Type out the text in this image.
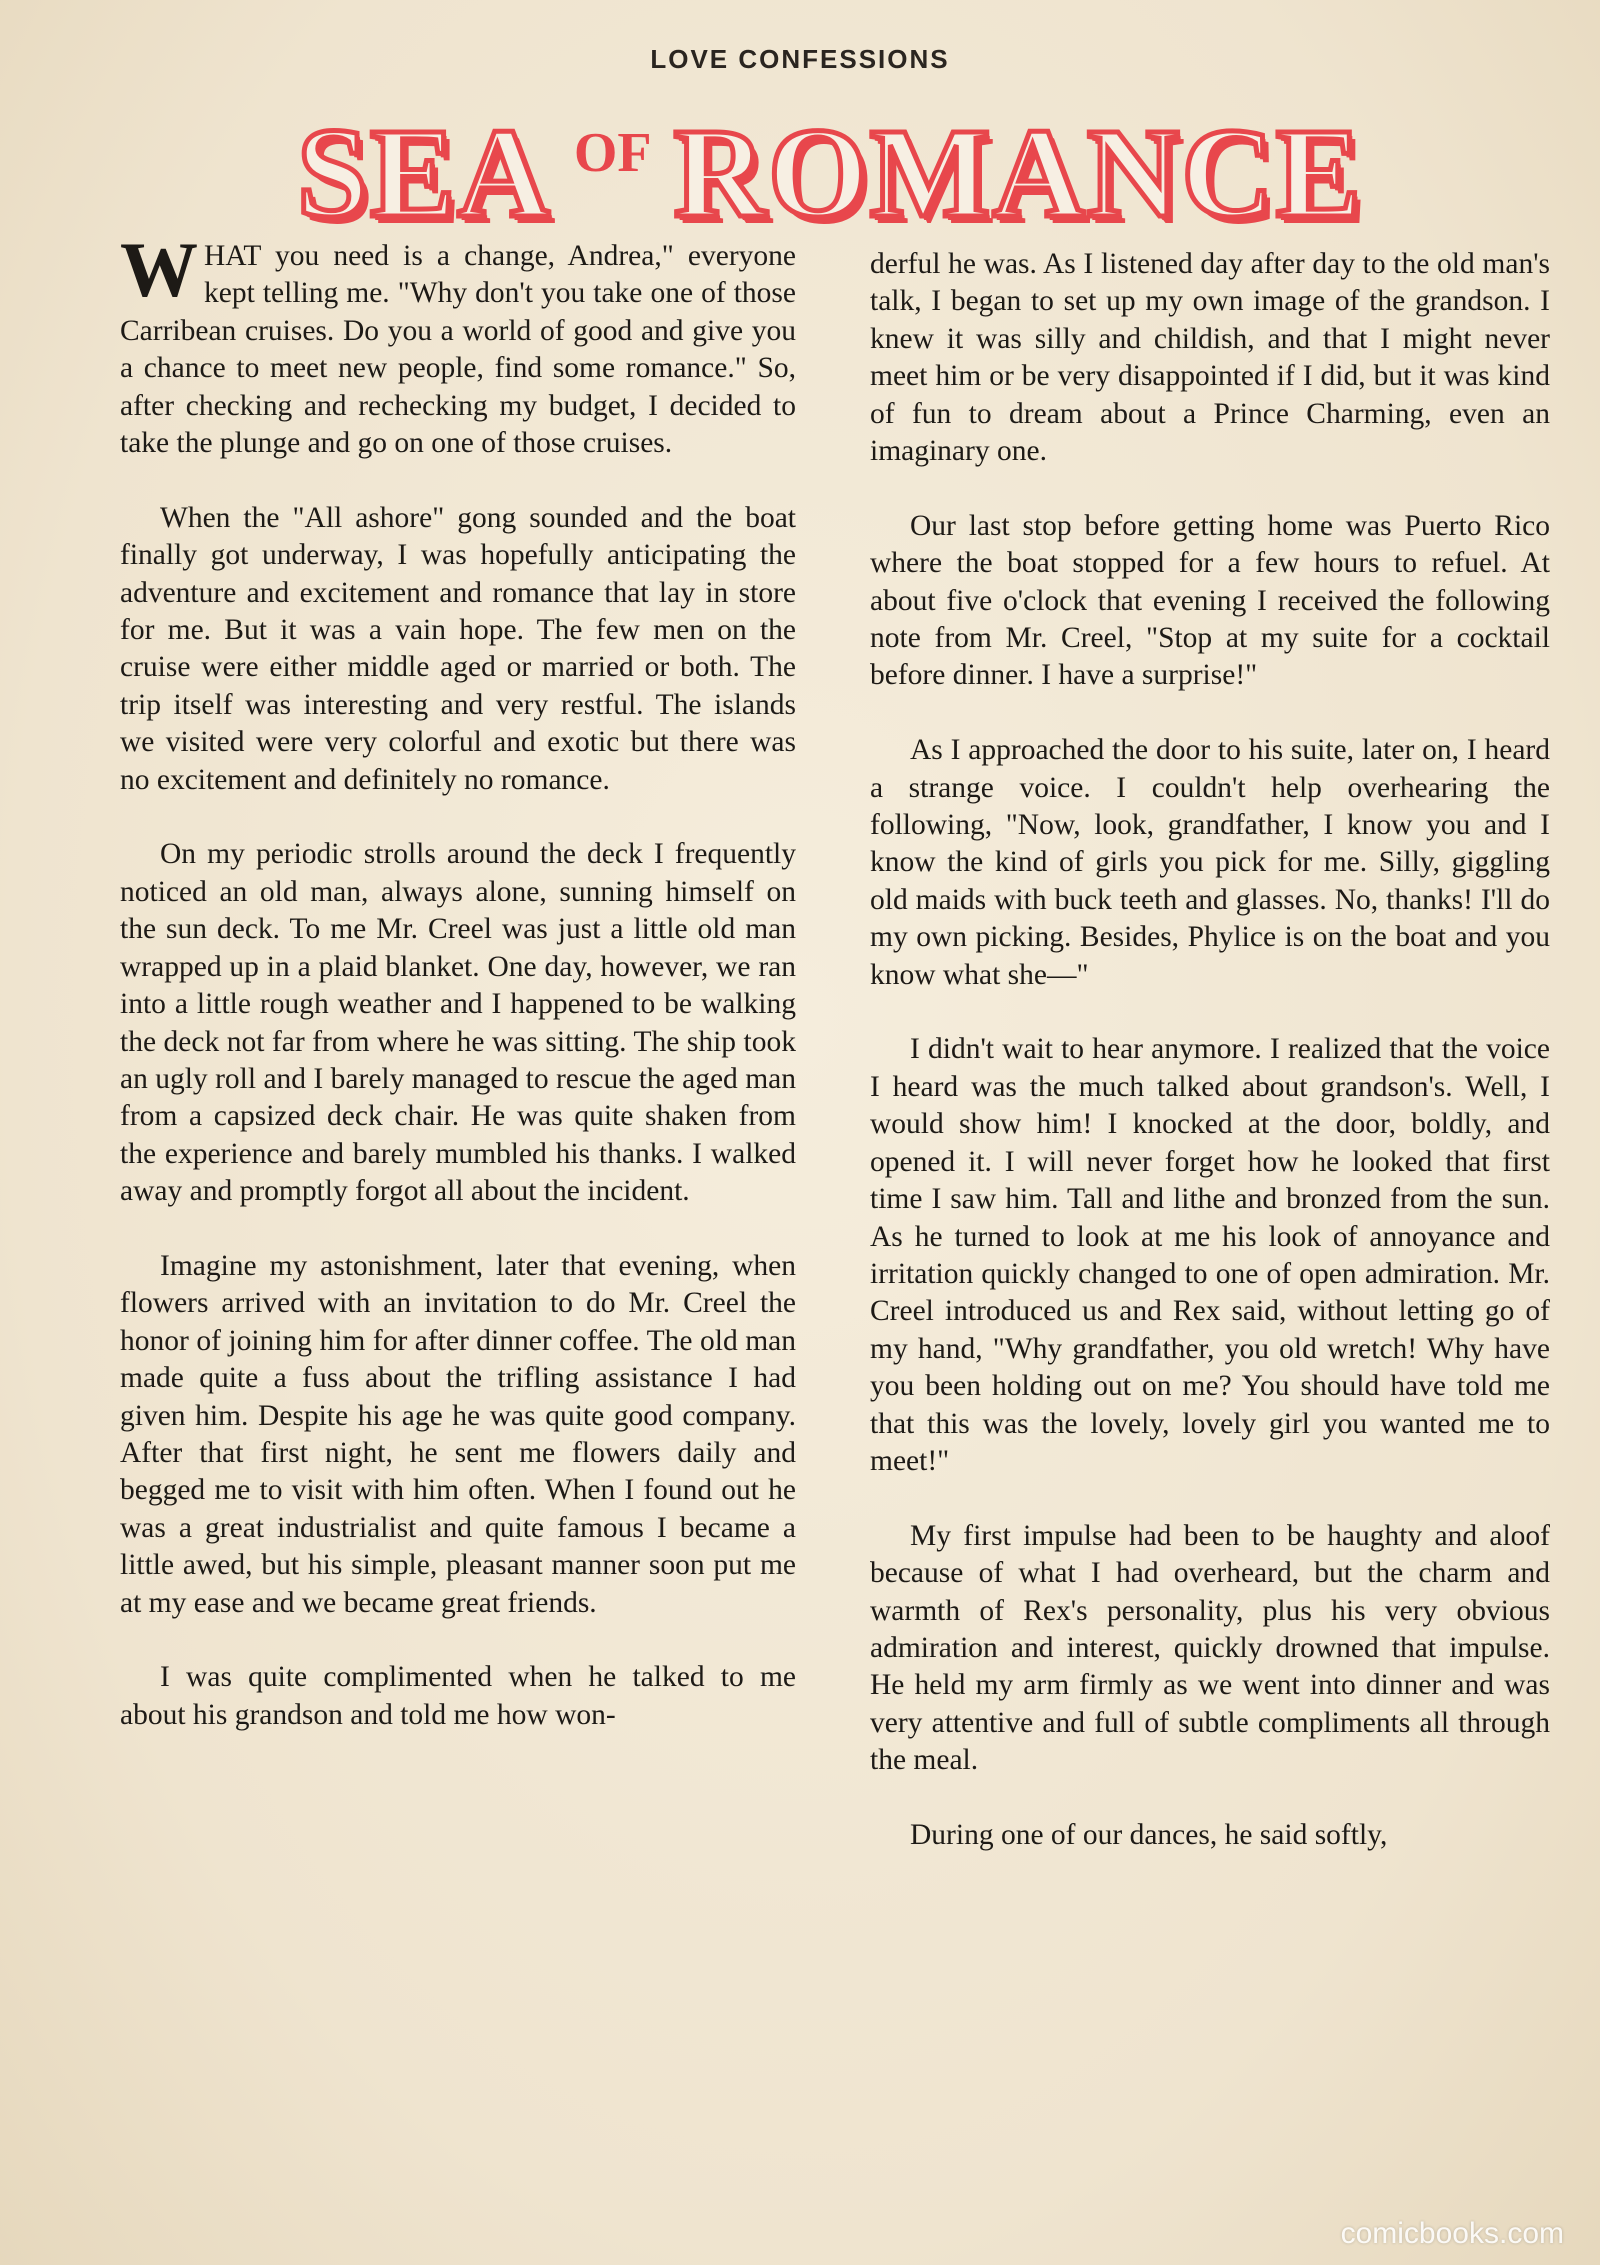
LOVE CONFESSIONS
SEA OF ROMANCE

WHAT you need is a change, Andrea," everyone kept telling me. "Why don't you take one of those Carribean cruises. Do you a world of good and give you a chance to meet new people, find some romance." So, after checking and rechecking my budget, I decided to take the plunge and go on one of those cruises.

When the "All ashore" gong sounded and the boat finally got underway, I was hopefully anticipating the adventure and excitement and romance that lay in store for me. But it was a vain hope. The few men on the cruise were either middle aged or married or both. The trip itself was interesting and very restful. The islands we visited were very colorful and exotic but there was no excitement and definitely no romance.

On my periodic strolls around the deck I frequently noticed an old man, always alone, sunning himself on the sun deck. To me Mr. Creel was just a little old man wrapped up in a plaid blanket. One day, however, we ran into a little rough weather and I happened to be walking the deck not far from where he was sitting. The ship took an ugly roll and I barely managed to rescue the aged man from a capsized deck chair. He was quite shaken from the experience and barely mumbled his thanks. I walked away and promptly forgot all about the incident.

Imagine my astonishment, later that evening, when flowers arrived with an invitation to do Mr. Creel the honor of joining him for after dinner coffee. The old man made quite a fuss about the trifling assistance I had given him. Despite his age he was quite good company. After that first night, he sent me flowers daily and begged me to visit with him often. When I found out he was a great industrialist and quite famous I became a little awed, but his simple, pleasant manner soon put me at my ease and we became great friends.

I was quite complimented when he talked to me about his grandson and told me how won-

derful he was. As I listened day after day to the old man's talk, I began to set up my own image of the grandson. I knew it was silly and childish, and that I might never meet him or be very disappointed if I did, but it was kind of fun to dream about a Prince Charming, even an imaginary one.

Our last stop before getting home was Puerto Rico where the boat stopped for a few hours to refuel. At about five o'clock that evening I received the following note from Mr. Creel, "Stop at my suite for a cocktail before dinner. I have a surprise!"

As I approached the door to his suite, later on, I heard a strange voice. I couldn't help overhearing the following, "Now, look, grandfather, I know you and I know the kind of girls you pick for me. Silly, giggling old maids with buck teeth and glasses. No, thanks! I'll do my own picking. Besides, Phylice is on the boat and you know what she—"

I didn't wait to hear anymore. I realized that the voice I heard was the much talked about grandson's. Well, I would show him! I knocked at the door, boldly, and opened it. I will never forget how he looked that first time I saw him. Tall and lithe and bronzed from the sun. As he turned to look at me his look of annoyance and irritation quickly changed to one of open admiration. Mr. Creel introduced us and Rex said, without letting go of my hand, "Why grandfather, you old wretch! Why have you been holding out on me? You should have told me that this was the lovely, lovely girl you wanted me to meet!"

My first impulse had been to be haughty and aloof because of what I had overheard, but the charm and warmth of Rex's personality, plus his very obvious admiration and interest, quickly drowned that impulse. He held my arm firmly as we went into dinner and was very attentive and full of subtle compliments all through the meal.

During one of our dances, he said softly,

comicbooks.com
